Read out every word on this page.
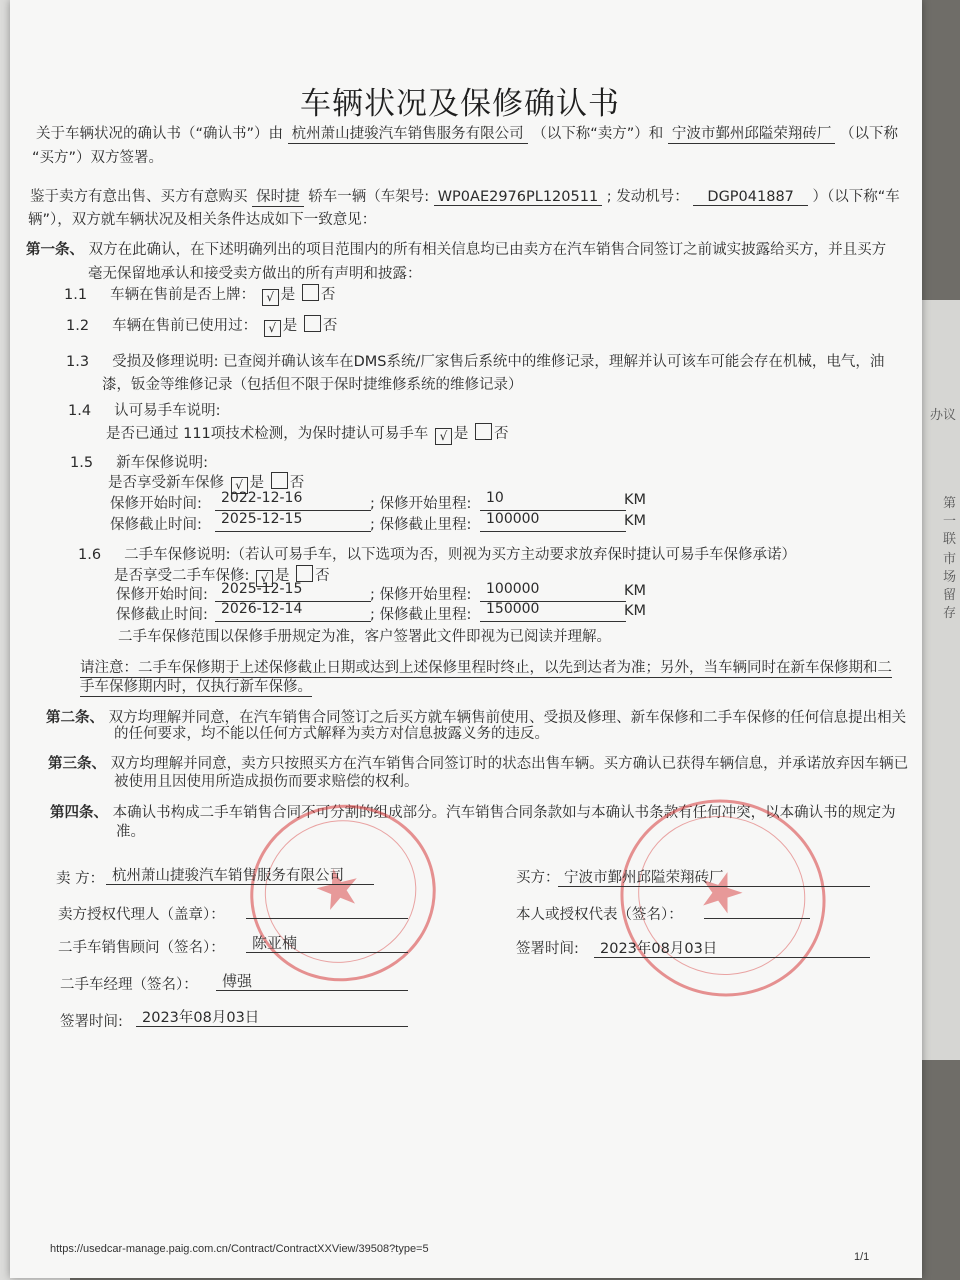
车辆状况及保修确认书
关于车辆状况的确认书（“确认书”）由 杭州萧山捷骏汽车销售服务有限公司 （以下称“卖方”）和 宁波市鄞州邱隘荣翔砖厂 （以下称
“买方”）双方签署。
鉴于卖方有意出售、买方有意购买 保时捷 轿车一辆（车架号: WP0AE2976PL120511 ; 发动机号： DGP041887 ）（以下称“车
辆”），双方就车辆状况及相关条件达成如下一致意见：
第一条、 双方在此确认，在下述明确列出的项目范围内的所有相关信息均已由卖方在汽车销售合同签订之前诚实披露给买方，并且买方
毫无保留地承认和接受卖方做出的所有声明和披露：
1.1 车辆在售前是否上牌： √ 是 否
1.2 车辆在售前已使用过： √ 是 否
1.3 受损及修理说明: 已查阅并确认该车在DMS系统/厂家售后系统中的维修记录，理解并认可该车可能会存在机械，电气，油
漆，钣金等维修记录（包括但不限于保时捷维修系统的维修记录）
1.4 认可易手车说明:
是否已通过 111项技术检测，为保时捷认可易手车 √ 是 否
1.5 新车保修说明:
是否享受新车保修 √ 是 否
保修开始时间:	2022-12-16	; 保修开始里程:	10	KM
保修截止时间:	2025-12-15	; 保修截止里程:	100000	KM
1.6 二手车保修说明:（若认可易手车，以下选项为否，则视为买方主动要求放弃保时捷认可易手车保修承诺）
是否享受二手车保修: √ 是 否
保修开始时间: 2025-12-15	; 保修开始里程:	100000	KM
保修截止时间: 2026-12-14	; 保修截止里程:	150000	KM
二手车保修范围以保修手册规定为准，客户签署此文件即视为已阅读并理解。
请注意：二手车保修期于上述保修截止日期或达到上述保修里程时终止，以先到达者为准；另外，当车辆同时在新车保修期和二
手车保修期内时，仅执行新车保修。
第二条、 双方均理解并同意，在汽车销售合同签订之后买方就车辆售前使用、受损及修理、新车保修和二手车保修的任何信息提出相关
的任何要求，均不能以任何方式解释为卖方对信息披露义务的违反。
第三条、 双方均理解并同意，卖方只按照买方在汽车销售合同签订时的状态出售车辆。买方确认已获得车辆信息，并承诺放弃因车辆已
被使用且因使用所造成损伤而要求赔偿的权利。
第四条、 本确认书构成二手车销售合同不可分割的组成部分。汽车销售合同条款如与本确认书条款有任何冲突，以本确认书的规定为
准。
★	★
卖 方： 杭州萧山捷骏汽车销售服务有限公司	买方： 宁波市鄞州邱隘荣翔砖厂
卖方授权代理人（盖章）：	本人或授权代表（签名）：
二手车销售顾问（签名）：	陈亚楠	签署时间:	2023年08月03日
二手车经理（签名）：	傅强
签署时间:	2023年08月03日
https://usedcar-manage.paig.com.cn/Contract/ContractXXView/39508?type=5
1/1
办议
第
一
联
市
场
留
存
